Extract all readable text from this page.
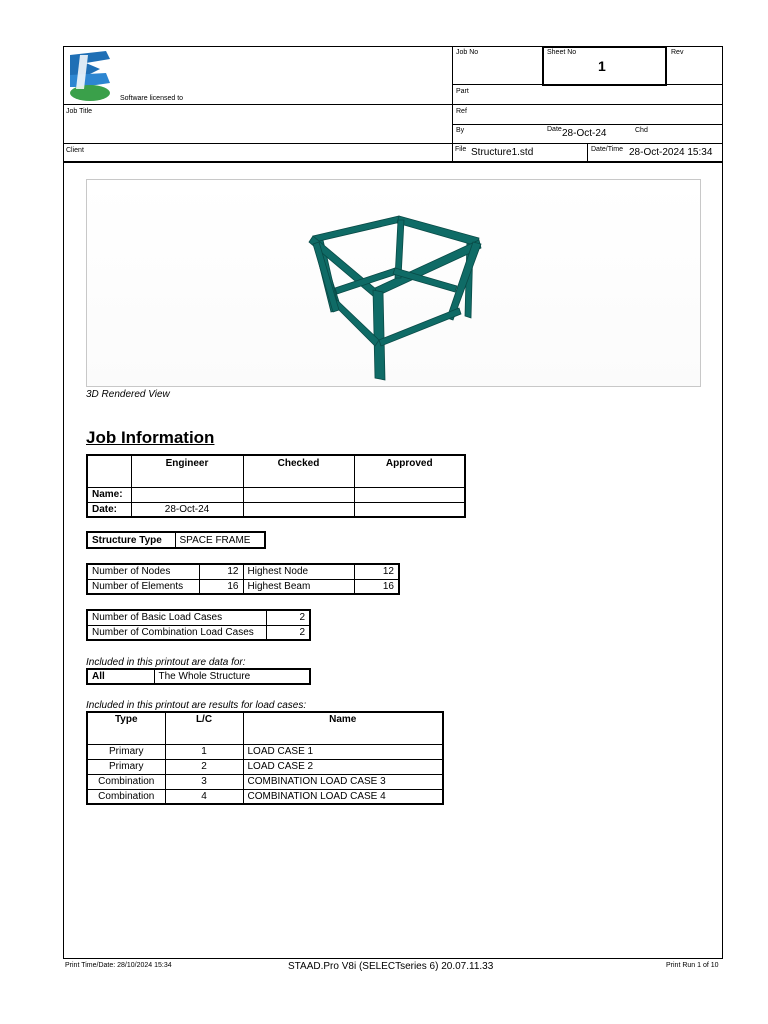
Software licensed to
Job No	Sheet No
1
Rev
Part
Ref
By	Date 28-Oct-24	Chd
Job Title
Client	File Structure1.std	Date/Time 28-Oct-2024 15:34
3D Rendered View
Job Information
	Engineer	Checked	Approved
Name:			
Date:	28-Oct-24		
Structure Type	SPACE FRAME
Number of Nodes	12	Highest Node	12
Number of Elements	16	Highest Beam	16
Number of Basic Load Cases	2
Number of Combination Load Cases	2
Included in this printout are data for:
All	The Whole Structure
Included in this printout are results for load cases:
Type	L/C	Name
Primary	1	LOAD CASE 1
Primary	2	LOAD CASE 2
Combination	3	COMBINATION LOAD CASE 3
Combination	4	COMBINATION LOAD CASE 4
Print Time/Date: 28/10/2024 15:34	STAAD.Pro V8i (SELECTseries 6) 20.07.11.33	Print Run 1 of 10
